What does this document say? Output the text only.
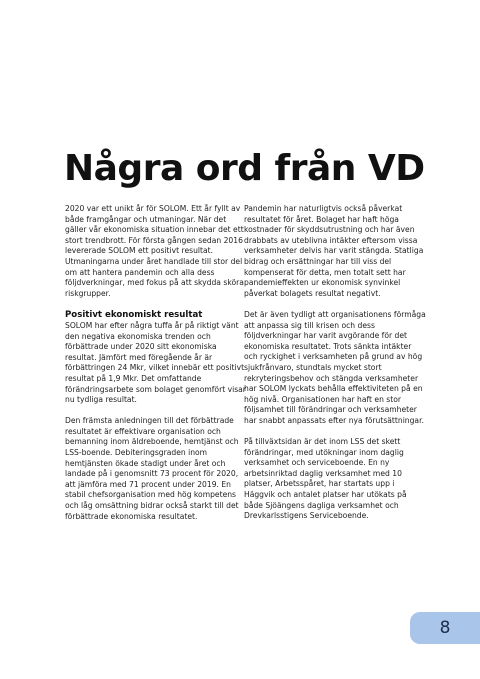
Några ord från VD

2020 var ett unikt år för SOLOM. Ett år fyllt av både framgångar och utmaningar. När det gäller vår ekonomiska situation innebar det ett stort trendbrott. För första gången sedan 2016 levererade SOLOM ett positivt resultat. Utmaningarna under året handlade till stor del om att hantera pandemin och alla dess följdverkningar, med fokus på att skydda sköra riskgrupper.

Positivt ekonomiskt resultat

SOLOM har efter några tuffa år på riktigt vänt den negativa ekonomiska trenden och förbättrade under 2020 sitt ekonomiska resultat. Jämfört med föregående år är förbättringen 24 Mkr, vilket innebär ett positivt resultat på 1,9 Mkr. Det omfattande förändringsarbete som bolaget genomfört visar nu tydliga resultat.

Den främsta anledningen till det förbättrade resultatet är effektivare organisation och bemanning inom äldreboende, hemtjänst och LSS-boende. Debiteringsgraden inom hemtjänsten ökade stadigt under året och landade på i genomsnitt 73 procent för 2020, att jämföra med 71 procent under 2019. En stabil chefsorganisation med hög kompetens och låg omsättning bidrar också starkt till det förbättrade ekonomiska resultatet.

Pandemin har naturligtvis också påverkat resultatet för året. Bolaget har haft höga kostnader för skyddsutrustning och har även drabbats av uteblivna intäkter eftersom vissa verksamheter delvis har varit stängda. Statliga bidrag och ersättningar har till viss del kompenserat för detta, men totalt sett har pandemieffekten ur ekonomisk synvinkel påverkat bolagets resultat negativt.

Det är även tydligt att organisationens förmåga att anpassa sig till krisen och dess följdverkningar har varit avgörande för det ekonomiska resultatet. Trots sänkta intäkter och ryckighet i verksamheten på grund av hög sjukfrånvaro, stundtals mycket stort rekryteringsbehov och stängda verksamheter har SOLOM lyckats behålla effektiviteten på en hög nivå. Organisationen har haft en stor följsamhet till förändringar och verksamheter har snabbt anpassats efter nya förutsättningar.

På tillväxtsidan är det inom LSS det skett förändringar, med utökningar inom daglig verksamhet och serviceboende. En ny arbetsinriktad daglig verksamhet med 10 platser, Arbetsspåret, har startats upp i Häggvik och antalet platser har utökats på både Sjöängens dagliga verksamhet och Drevkarlsstigens Serviceboende.

8
